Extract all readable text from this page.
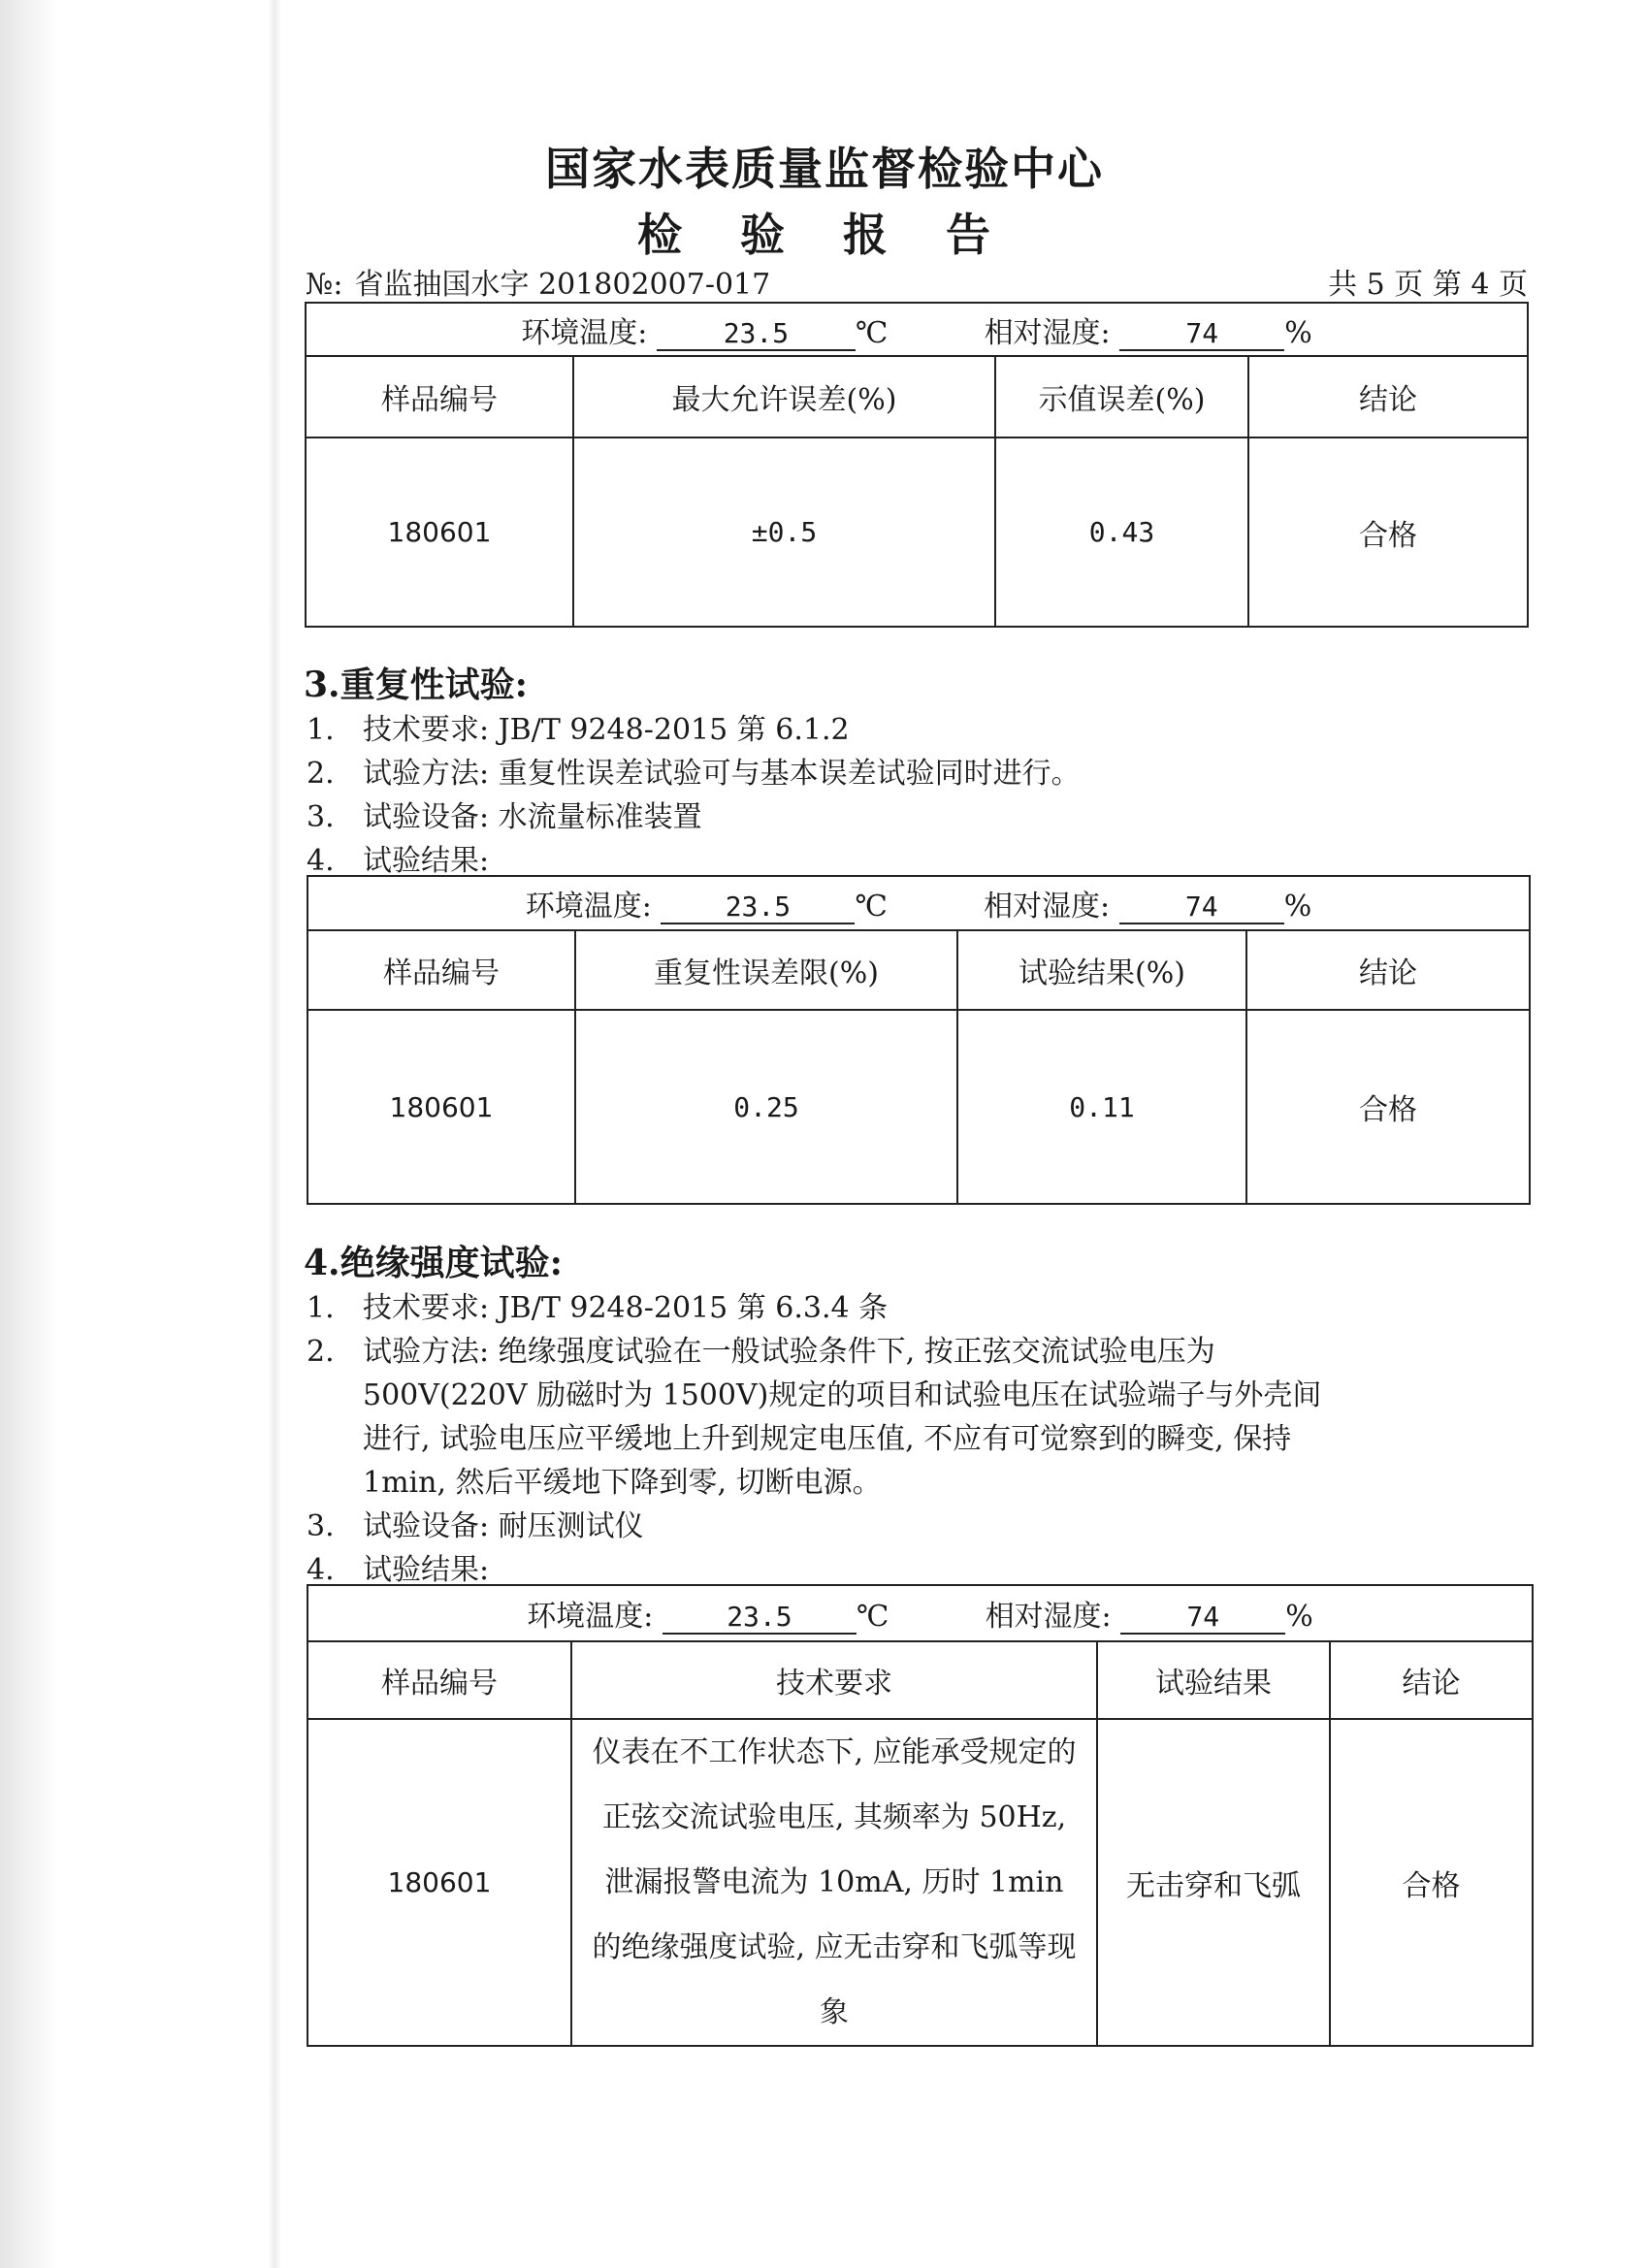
国家水表质量监督检验中心
检 验 报 告
№: 省监抽国水字 201802007-017	共 5 页 第 4 页
环境温度: 23.5 ℃ 相对湿度: 74 %			
样品编号	最大允许误差(%)	示值误差(%)	结论
180601	±0.5	0.43	合格
3.重复性试验:
1. 技术要求: JB/T 9248-2015 第 6.1.2
2. 试验方法: 重复性误差试验可与基本误差试验同时进行。
3. 试验设备: 水流量标准装置
4. 试验结果:
环境温度: 23.5 ℃ 相对湿度: 74 %			
样品编号	重复性误差限(%)	试验结果(%)	结论
180601	0.25	0.11	合格
4.绝缘强度试验:
1. 技术要求: JB/T 9248-2015 第 6.3.4 条
2. 试验方法: 绝缘强度试验在一般试验条件下, 按正弦交流试验电压为 500V(220V 励磁时为 1500V)规定的项目和试验电压在试验端子与外壳间进行, 试验电压应平缓地上升到规定电压值, 不应有可觉察到的瞬变, 保持 1min, 然后平缓地下降到零, 切断电源。
3. 试验设备: 耐压测试仪
4. 试验结果:
环境温度: 23.5 ℃ 相对湿度: 74 %			
样品编号	技术要求	试验结果	结论
180601	仪表在不工作状态下, 应能承受规定的正弦交流试验电压, 其频率为 50Hz, 泄漏报警电流为 10mA, 历时 1min 的绝缘强度试验, 应无击穿和飞弧等现象	无击穿和飞弧	合格
